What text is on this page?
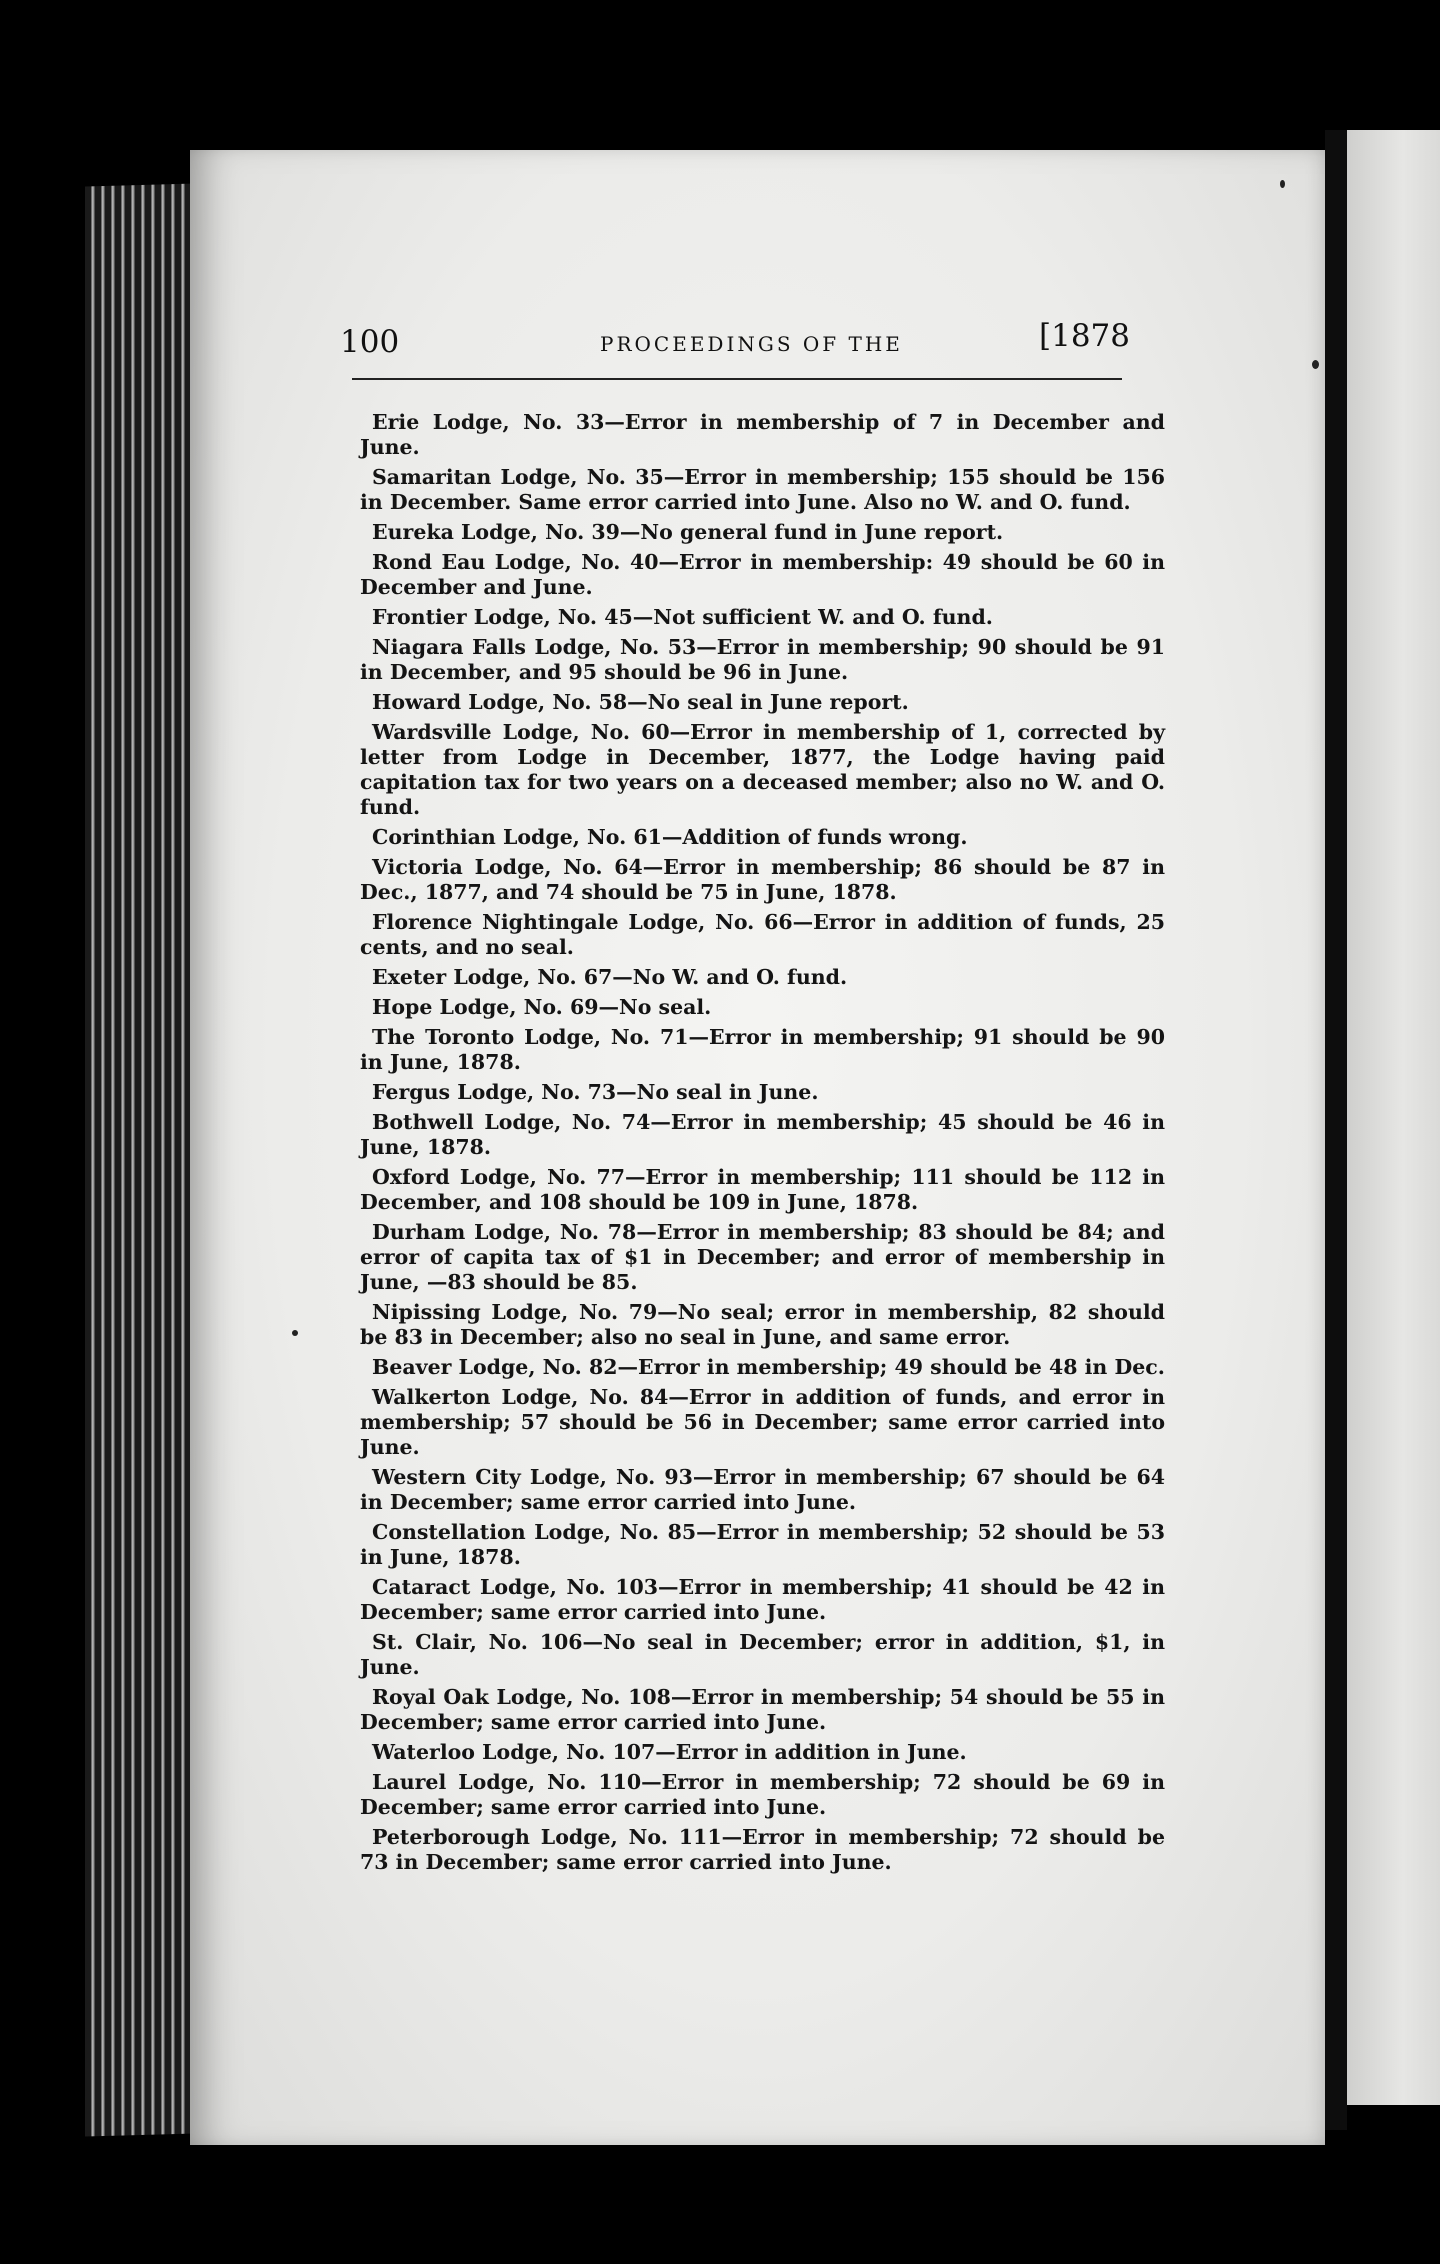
100	PROCEEDINGS OF THE	[1878

Erie Lodge, No. 33—Error in membership of 7 in December and June.

Samaritan Lodge, No. 35—Error in membership; 155 should be 156 in December. Same error carried into June. Also no W. and O. fund.

Eureka Lodge, No. 39—No general fund in June report.

Rond Eau Lodge, No. 40—Error in membership: 49 should be 60 in December and June.

Frontier Lodge, No. 45—Not sufficient W. and O. fund.

Niagara Falls Lodge, No. 53—Error in membership; 90 should be 91 in December, and 95 should be 96 in June.

Howard Lodge, No. 58—No seal in June report.

Wardsville Lodge, No. 60—Error in membership of 1, corrected by letter from Lodge in December, 1877, the Lodge having paid capitation tax for two years on a deceased member; also no W. and O. fund.

Corinthian Lodge, No. 61—Addition of funds wrong.

Victoria Lodge, No. 64—Error in membership; 86 should be 87 in Dec., 1877, and 74 should be 75 in June, 1878.

Florence Nightingale Lodge, No. 66—Error in addition of funds, 25 cents, and no seal.

Exeter Lodge, No. 67—No W. and O. fund.

Hope Lodge, No. 69—No seal.

The Toronto Lodge, No. 71—Error in membership; 91 should be 90 in June, 1878.

Fergus Lodge, No. 73—No seal in June.

Bothwell Lodge, No. 74—Error in membership; 45 should be 46 in June, 1878.

Oxford Lodge, No. 77—Error in membership; 111 should be 112 in December, and 108 should be 109 in June, 1878.

Durham Lodge, No. 78—Error in membership; 83 should be 84; and error of capita tax of $1 in December; and error of membership in June, —83 should be 85.

Nipissing Lodge, No. 79—No seal; error in membership, 82 should be 83 in December; also no seal in June, and same error.

Beaver Lodge, No. 82—Error in membership; 49 should be 48 in Dec.

Walkerton Lodge, No. 84—Error in addition of funds, and error in membership; 57 should be 56 in December; same error carried into June.

Western City Lodge, No. 93—Error in membership; 67 should be 64 in December; same error carried into June.

Constellation Lodge, No. 85—Error in membership; 52 should be 53 in June, 1878.

Cataract Lodge, No. 103—Error in membership; 41 should be 42 in December; same error carried into June.

St. Clair, No. 106—No seal in December; error in addition, $1, in June.

Royal Oak Lodge, No. 108—Error in membership; 54 should be 55 in December; same error carried into June.

Waterloo Lodge, No. 107—Error in addition in June.

Laurel Lodge, No. 110—Error in membership; 72 should be 69 in December; same error carried into June.

Peterborough Lodge, No. 111—Error in membership; 72 should be 73 in December; same error carried into June.
